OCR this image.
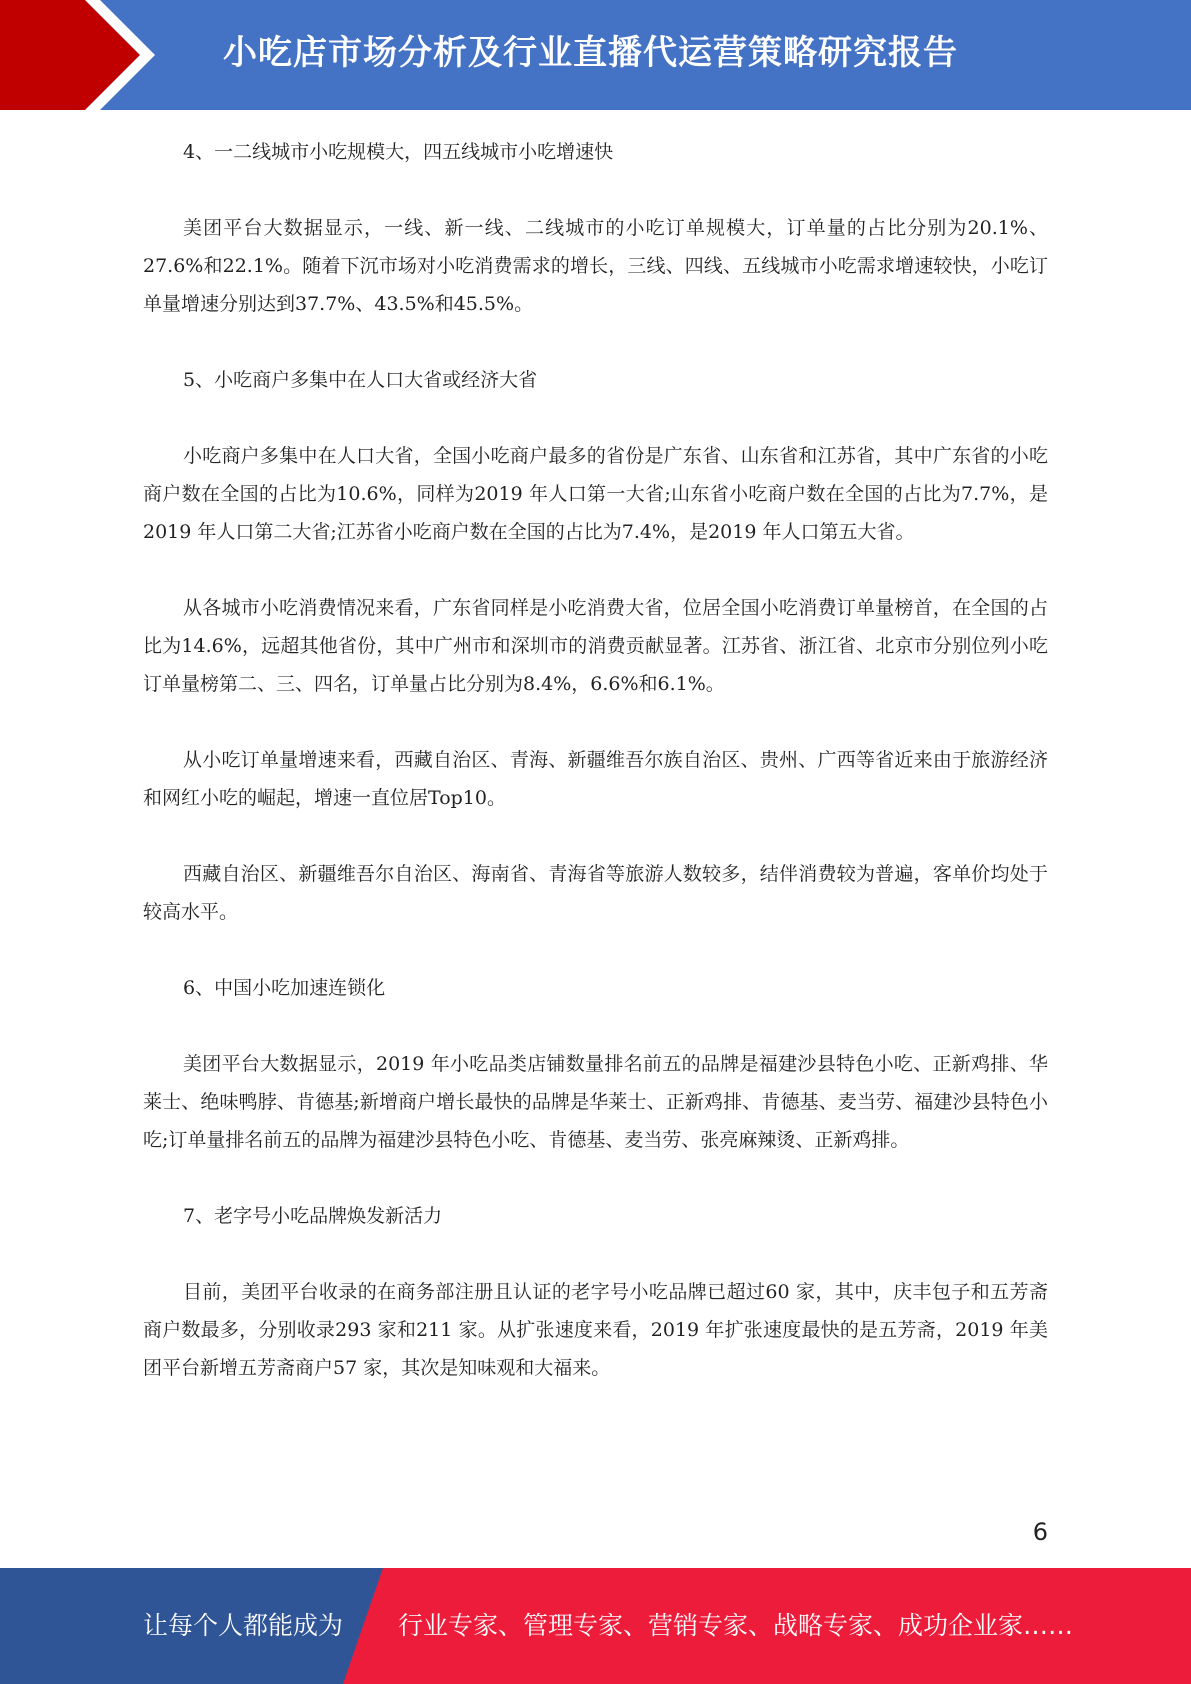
小吃店市场分析及行业直播代运营策略研究报告

4、一二线城市小吃规模大，四五线城市小吃增速快

美团平台大数据显示，一线、新一线、二线城市的小吃订单规模大，订单量的占比分别为20.1%、27.6%和22.1%。随着下沉市场对小吃消费需求的增长，三线、四线、五线城市小吃需求增速较快，小吃订单量增速分别达到37.7%、43.5%和45.5%。

5、小吃商户多集中在人口大省或经济大省

小吃商户多集中在人口大省，全国小吃商户最多的省份是广东省、山东省和江苏省，其中广东省的小吃商户数在全国的占比为10.6%，同样为2019 年人口第一大省;山东省小吃商户数在全国的占比为7.7%，是2019 年人口第二大省;江苏省小吃商户数在全国的占比为7.4%，是2019 年人口第五大省。

从各城市小吃消费情况来看，广东省同样是小吃消费大省，位居全国小吃消费订单量榜首，在全国的占比为14.6%，远超其他省份，其中广州市和深圳市的消费贡献显著。江苏省、浙江省、北京市分别位列小吃订单量榜第二、三、四名，订单量占比分别为8.4%，6.6%和6.1%。

从小吃订单量增速来看，西藏自治区、青海、新疆维吾尔族自治区、贵州、广西等省近来由于旅游经济和网红小吃的崛起，增速一直位居Top10。

西藏自治区、新疆维吾尔自治区、海南省、青海省等旅游人数较多，结伴消费较为普遍，客单价均处于较高水平。

6、中国小吃加速连锁化

美团平台大数据显示，2019 年小吃品类店铺数量排名前五的品牌是福建沙县特色小吃、正新鸡排、华莱士、绝味鸭脖、肯德基;新增商户增长最快的品牌是华莱士、正新鸡排、肯德基、麦当劳、福建沙县特色小吃;订单量排名前五的品牌为福建沙县特色小吃、肯德基、麦当劳、张亮麻辣烫、正新鸡排。

7、老字号小吃品牌焕发新活力

目前，美团平台收录的在商务部注册且认证的老字号小吃品牌已超过60 家，其中，庆丰包子和五芳斋商户数最多，分别收录293 家和211 家。从扩张速度来看，2019 年扩张速度最快的是五芳斋，2019 年美团平台新增五芳斋商户57 家，其次是知味观和大福来。

6
让每个人都能成为 行业专家、管理专家、营销专家、战略专家、成功企业家……
